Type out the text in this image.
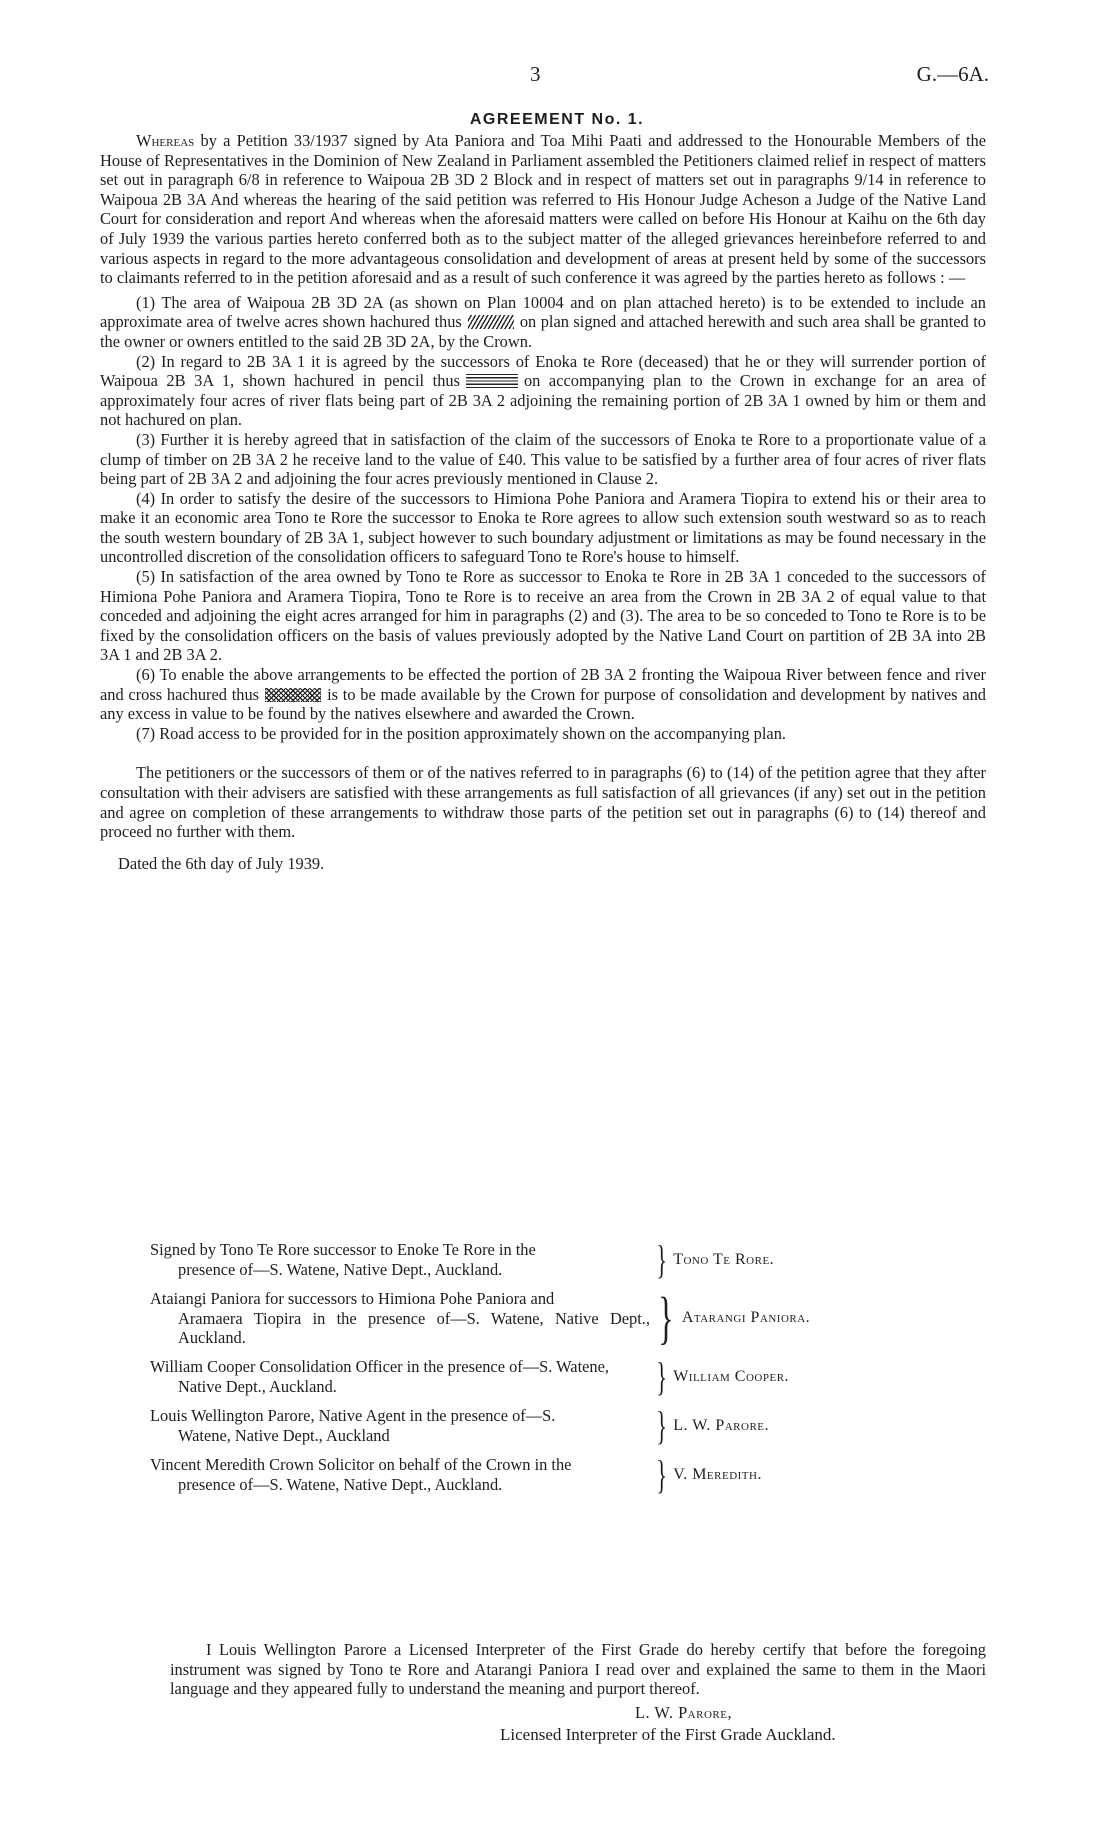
3	G.—6A.
AGREEMENT No. 1.

Whereas by a Petition 33/1937 signed by Ata Paniora and Toa Mihi Paati and addressed to the Honourable Members of the House of Representatives in the Dominion of New Zealand in Parliament assembled the Petitioners claimed relief in respect of matters set out in paragraph 6/8 in reference to Waipoua 2B 3D 2 Block and in respect of matters set out in paragraphs 9/14 in reference to Waipoua 2B 3A And whereas the hearing of the said petition was referred to His Honour Judge Acheson a Judge of the Native Land Court for consideration and report And whereas when the aforesaid matters were called on before His Honour at Kaihu on the 6th day of July 1939 the various parties hereto conferred both as to the subject matter of the alleged grievances hereinbefore referred to and various aspects in regard to the more advantageous consolidation and development of areas at present held by some of the successors to claimants referred to in the petition aforesaid and as a result of such conference it was agreed by the parties hereto as follows : —

(1) The area of Waipoua 2B 3D 2A (as shown on Plan 10004 and on plan attached hereto) is to be extended to include an approximate area of twelve acres shown hachured thus	on plan signed and attached herewith and such area shall be granted to the owner or owners entitled to the said 2B 3D 2A, by the Crown.

(2) In regard to 2B 3A 1 it is agreed by the successors of Enoka te Rore (deceased) that he or they will surrender portion of Waipoua 2B 3A 1, shown hachured in pencil thus	on accompanying plan to the Crown in exchange for an area of approximately four acres of river flats being part of 2B 3A 2 adjoining the remaining portion of 2B 3A 1 owned by him or them and not hachured on plan.

(3) Further it is hereby agreed that in satisfaction of the claim of the successors of Enoka te Rore to a proportionate value of a clump of timber on 2B 3A 2 he receive land to the value of £40. This value to be satisfied by a further area of four acres of river flats being part of 2B 3A 2 and adjoining the four acres previously mentioned in Clause 2.

(4) In order to satisfy the desire of the successors to Himiona Pohe Paniora and Aramera Tiopira to extend his or their area to make it an economic area Tono te Rore the successor to Enoka te Rore agrees to allow such extension south westward so as to reach the south western boundary of 2B 3A 1, subject however to such boundary adjustment or limitations as may be found necessary in the uncontrolled discretion of the consolidation officers to safeguard Tono te Rore's house to himself.

(5) In satisfaction of the area owned by Tono te Rore as successor to Enoka te Rore in 2B 3A 1 conceded to the successors of Himiona Pohe Paniora and Aramera Tiopira, Tono te Rore is to receive an area from the Crown in 2B 3A 2 of equal value to that conceded and adjoining the eight acres arranged for him in paragraphs (2) and (3). The area to be so conceded to Tono te Rore is to be fixed by the consolidation officers on the basis of values previously adopted by the Native Land Court on partition of 2B 3A into 2B 3A 1 and 2B 3A 2.

(6) To enable the above arrangements to be effected the portion of 2B 3A 2 fronting the Waipoua River between fence and river and cross hachured thus	is to be made available by the Crown for purpose of consolidation and development by natives and any excess in value to be found by the natives elsewhere and awarded the Crown.

(7) Road access to be provided for in the position approximately shown on the accompanying plan.

The petitioners or the successors of them or of the natives referred to in paragraphs (6) to (14) of the petition agree that they after consultation with their advisers are satisfied with these arrangements as full satisfaction of all grievances (if any) set out in the petition and agree on completion of these arrangements to withdraw those parts of the petition set out in paragraphs (6) to (14) thereof and proceed no further with them.

Dated the 6th day of July 1939.

Signed by Tono Te Rore successor to Enoke Te Rore in the
presence of—S. Watene, Native Dept., Auckland.	} Tono Te Rore.
Ataiangi Paniora for successors to Himiona Pohe Paniora and
Aramaera Tiopira in the presence of—S. Watene, Native Dept., Auckland.	} Atarangi Paniora.
William Cooper Consolidation Officer in the presence of—S. Watene,
Native Dept., Auckland.	} William Cooper.
Louis Wellington Parore, Native Agent in the presence of—S.
Watene, Native Dept., Auckland	} L. W. Parore.
Vincent Meredith Crown Solicitor on behalf of the Crown in the
presence of—S. Watene, Native Dept., Auckland.	} V. Meredith.

I Louis Wellington Parore a Licensed Interpreter of the First Grade do hereby certify that before the foregoing instrument was signed by Tono te Rore and Atarangi Paniora I read over and explained the same to them in the Maori language and they appeared fully to understand the meaning and purport thereof.

L. W. Parore,
Licensed Interpreter of the First Grade Auckland.
